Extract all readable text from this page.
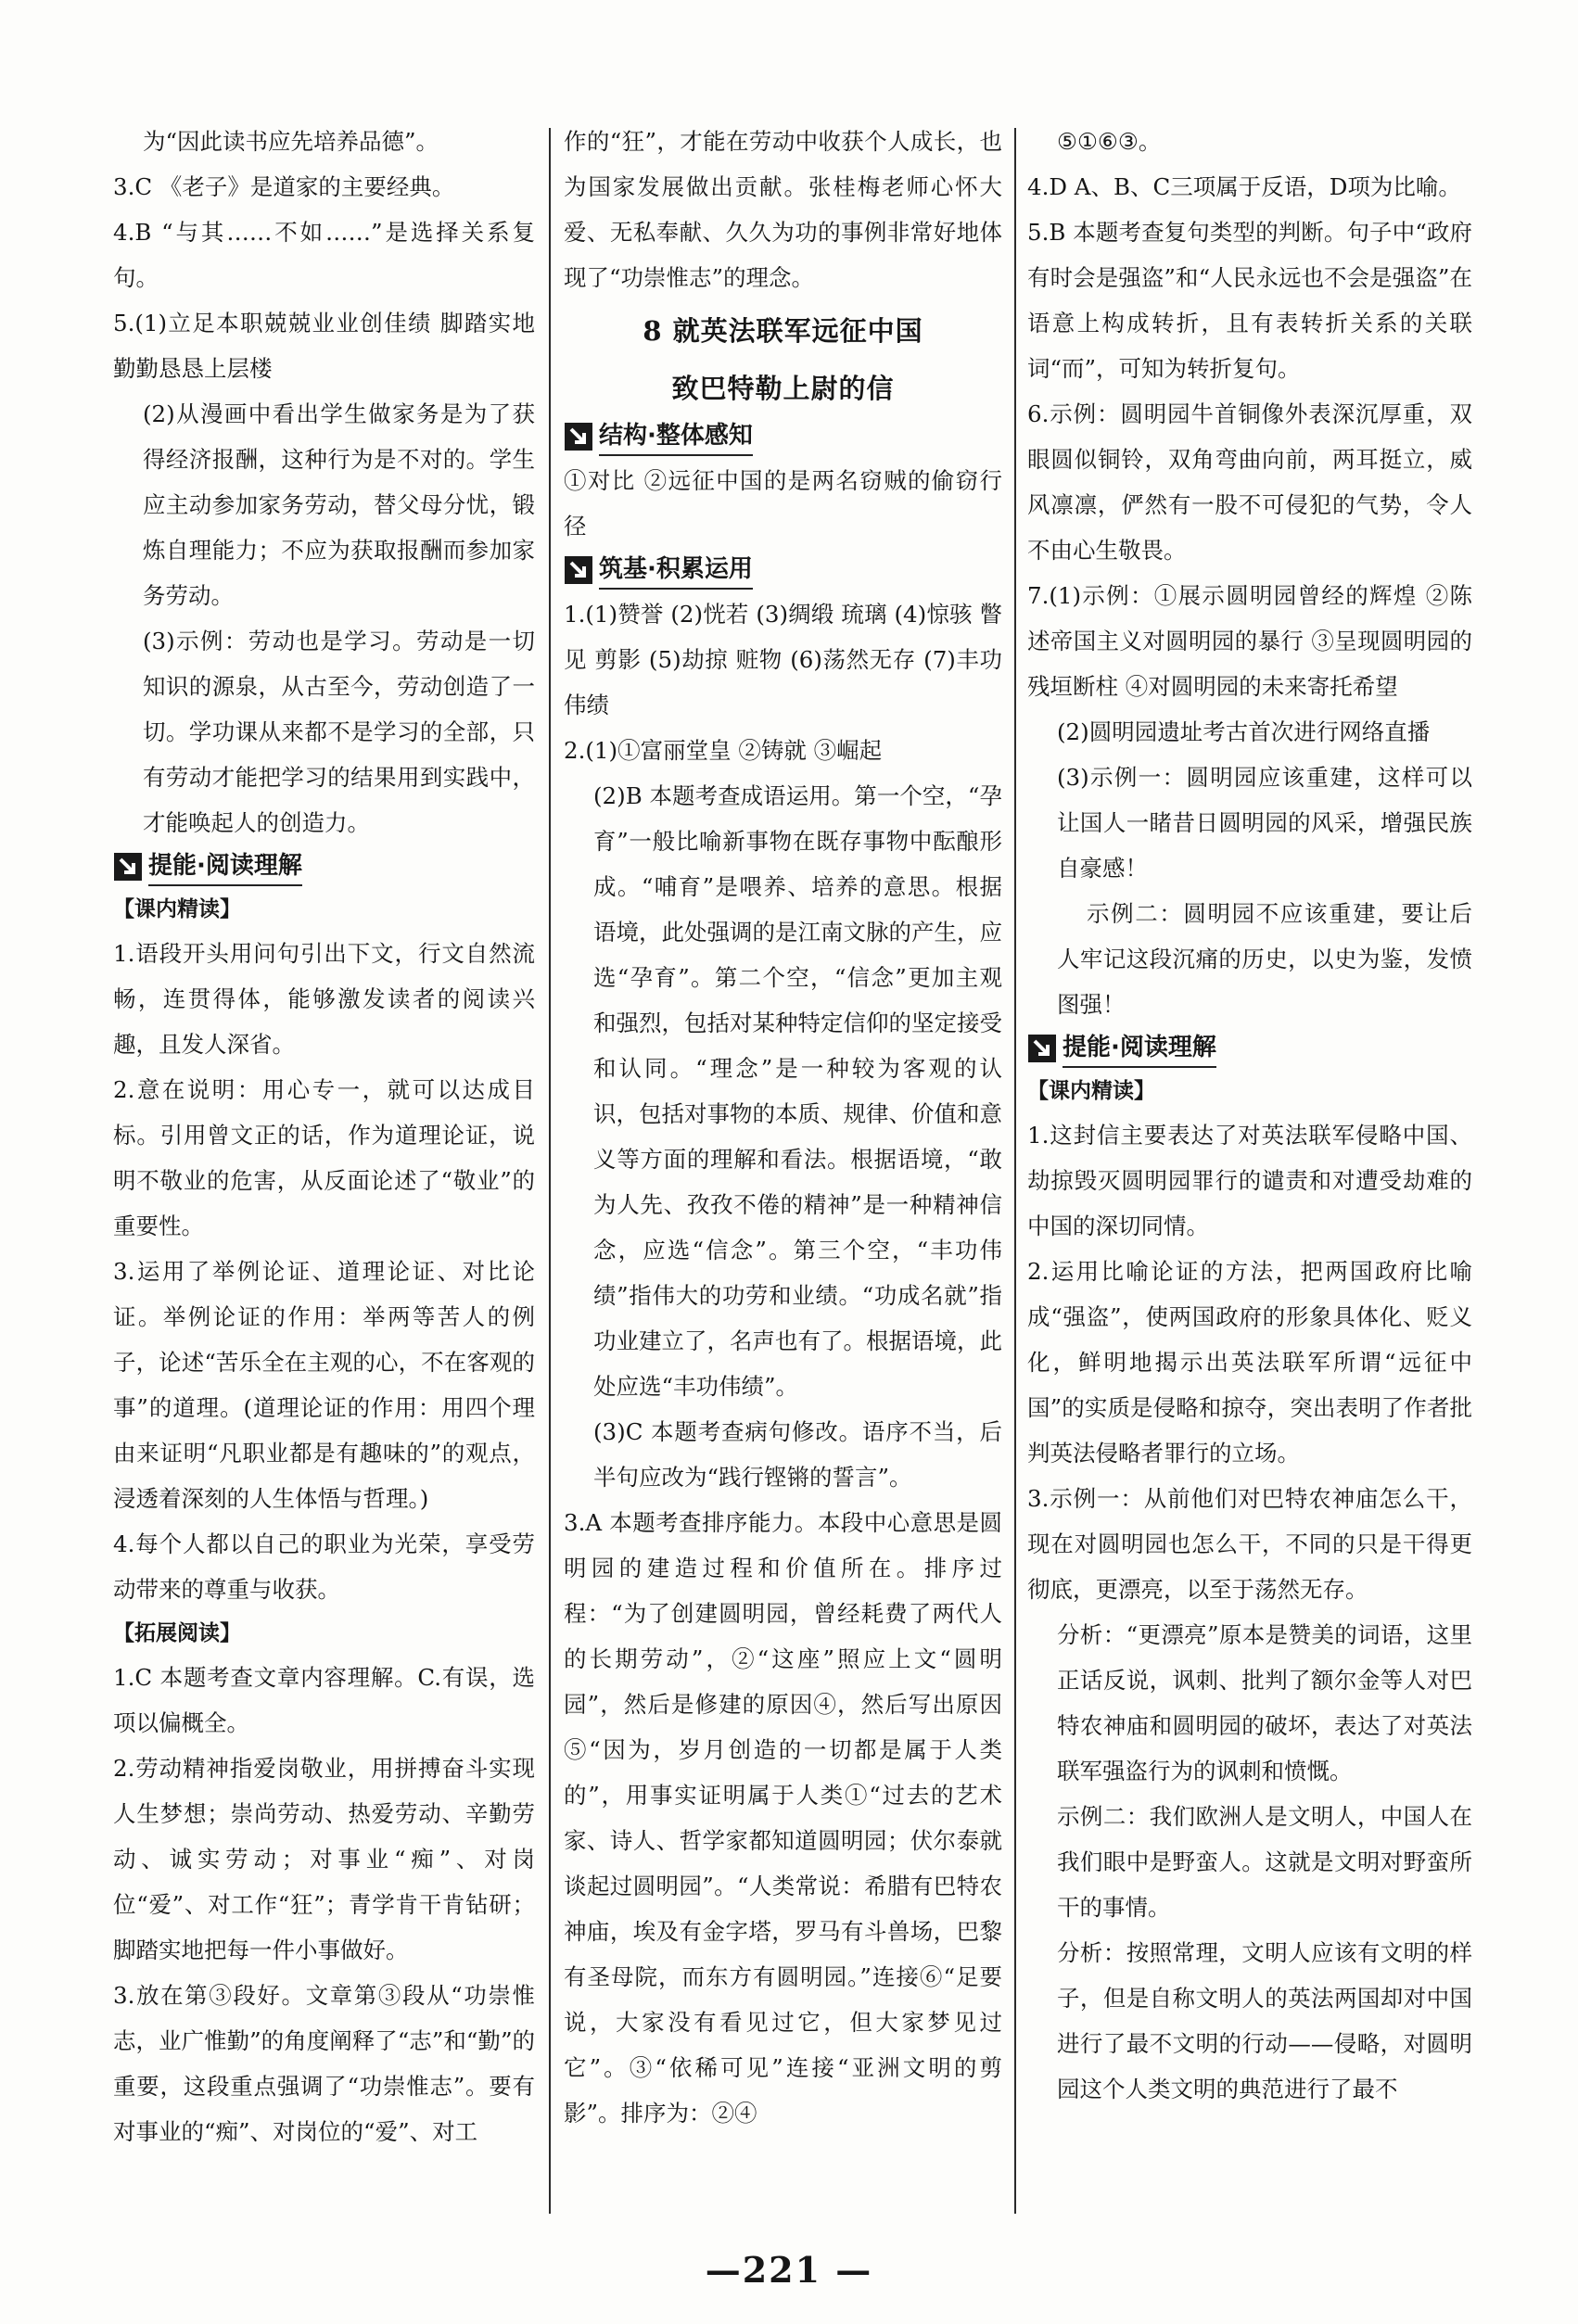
为“因此读书应先培养品德”。

3.C 《老子》是道家的主要经典。

4.B “与其……不如……”是选择关系复句。

5.(1)立足本职兢兢业业创佳绩 脚踏实地勤勤恳恳上层楼

(2)从漫画中看出学生做家务是为了获得经济报酬，这种行为是不对的。学生应主动参加家务劳动，替父母分忧，锻炼自理能力；不应为获取报酬而参加家务劳动。

(3)示例：劳动也是学习。劳动是一切知识的源泉，从古至今，劳动创造了一切。学功课从来都不是学习的全部，只有劳动才能把学习的结果用到实践中，才能唤起人的创造力。

提能·阅读理解

【课内精读】

1.语段开头用问句引出下文，行文自然流畅，连贯得体，能够激发读者的阅读兴趣，且发人深省。

2.意在说明：用心专一，就可以达成目标。引用曾文正的话，作为道理论证，说明不敬业的危害，从反面论述了“敬业”的重要性。

3.运用了举例论证、道理论证、对比论证。举例论证的作用：举两等苦人的例子，论述“苦乐全在主观的心，不在客观的事”的道理。(道理论证的作用：用四个理由来证明“凡职业都是有趣味的”的观点，浸透着深刻的人生体悟与哲理。)

4.每个人都以自己的职业为光荣，享受劳动带来的尊重与收获。

【拓展阅读】

1.C 本题考查文章内容理解。C.有误，选项以偏概全。

2.劳动精神指爱岗敬业，用拼搏奋斗实现人生梦想；崇尚劳动、热爱劳动、辛勤劳动、诚实劳动；对事业“痴”、对岗位“爱”、对工作“狂”；青学肯干肯钻研；脚踏实地把每一件小事做好。

3.放在第③段好。文章第③段从“功崇惟志，业广惟勤”的角度阐释了“志”和“勤”的重要，这段重点强调了“功崇惟志”。要有对事业的“痴”、对岗位的“爱”、对工

作的“狂”，才能在劳动中收获个人成长，也为国家发展做出贡献。张桂梅老师心怀大爱、无私奉献、久久为功的事例非常好地体现了“功崇惟志”的理念。

8 就英法联军远征中国

致巴特勒上尉的信

结构·整体感知

①对比 ②远征中国的是两名窃贼的偷窃行径

筑基·积累运用

1.(1)赞誉 (2)恍若 (3)绸缎 琉璃 (4)惊骇 瞥见 剪影 (5)劫掠 赃物 (6)荡然无存 (7)丰功伟绩

2.(1)①富丽堂皇 ②铸就 ③崛起

(2)B 本题考查成语运用。第一个空，“孕育”一般比喻新事物在既存事物中酝酿形成。“哺育”是喂养、培养的意思。根据语境，此处强调的是江南文脉的产生，应选“孕育”。第二个空，“信念”更加主观和强烈，包括对某种特定信仰的坚定接受和认同。“理念”是一种较为客观的认识，包括对事物的本质、规律、价值和意义等方面的理解和看法。根据语境，“敢为人先、孜孜不倦的精神”是一种精神信念，应选“信念”。第三个空，“丰功伟绩”指伟大的功劳和业绩。“功成名就”指功业建立了，名声也有了。根据语境，此处应选“丰功伟绩”。

(3)C 本题考查病句修改。语序不当，后半句应改为“践行铿锵的誓言”。

3.A 本题考查排序能力。本段中心意思是圆明园的建造过程和价值所在。排序过程：“为了创建圆明园，曾经耗费了两代人的长期劳动”，②“这座”照应上文“圆明园”，然后是修建的原因④，然后写出原因⑤“因为，岁月创造的一切都是属于人类的”，用事实证明属于人类①“过去的艺术家、诗人、哲学家都知道圆明园；伏尔泰就谈起过圆明园”。“人类常说：希腊有巴特农神庙，埃及有金字塔，罗马有斗兽场，巴黎有圣母院，而东方有圆明园。”连接⑥“足要说，大家没有看见过它，但大家梦见过它”。③“依稀可见”连接“亚洲文明的剪影”。排序为：②④

⑤①⑥③。

4.D A、B、C三项属于反语，D项为比喻。

5.B 本题考查复句类型的判断。句子中“政府有时会是强盗”和“人民永远也不会是强盗”在语意上构成转折，且有表转折关系的关联词“而”，可知为转折复句。

6.示例：圆明园牛首铜像外表深沉厚重，双眼圆似铜铃，双角弯曲向前，两耳挺立，威风凛凛，俨然有一股不可侵犯的气势，令人不由心生敬畏。

7.(1)示例：①展示圆明园曾经的辉煌 ②陈述帝国主义对圆明园的暴行 ③呈现圆明园的残垣断柱 ④对圆明园的未来寄托希望

(2)圆明园遗址考古首次进行网络直播

(3)示例一：圆明园应该重建，这样可以让国人一睹昔日圆明园的风采，增强民族自豪感！

示例二：圆明园不应该重建，要让后人牢记这段沉痛的历史，以史为鉴，发愤图强！

提能·阅读理解

【课内精读】

1.这封信主要表达了对英法联军侵略中国、劫掠毁灭圆明园罪行的谴责和对遭受劫难的中国的深切同情。

2.运用比喻论证的方法，把两国政府比喻成“强盗”，使两国政府的形象具体化、贬义化，鲜明地揭示出英法联军所谓“远征中国”的实质是侵略和掠夺，突出表明了作者批判英法侵略者罪行的立场。

3.示例一：从前他们对巴特农神庙怎么干，现在对圆明园也怎么干，不同的只是干得更彻底，更漂亮，以至于荡然无存。

分析：“更漂亮”原本是赞美的词语，这里正话反说，讽刺、批判了额尔金等人对巴特农神庙和圆明园的破坏，表达了对英法联军强盗行为的讽刺和愤慨。

示例二：我们欧洲人是文明人，中国人在我们眼中是野蛮人。这就是文明对野蛮所干的事情。

分析：按照常理，文明人应该有文明的样子，但是自称文明人的英法两国却对中国进行了最不文明的行动——侵略，对圆明园这个人类文明的典范进行了最不

—221 —
